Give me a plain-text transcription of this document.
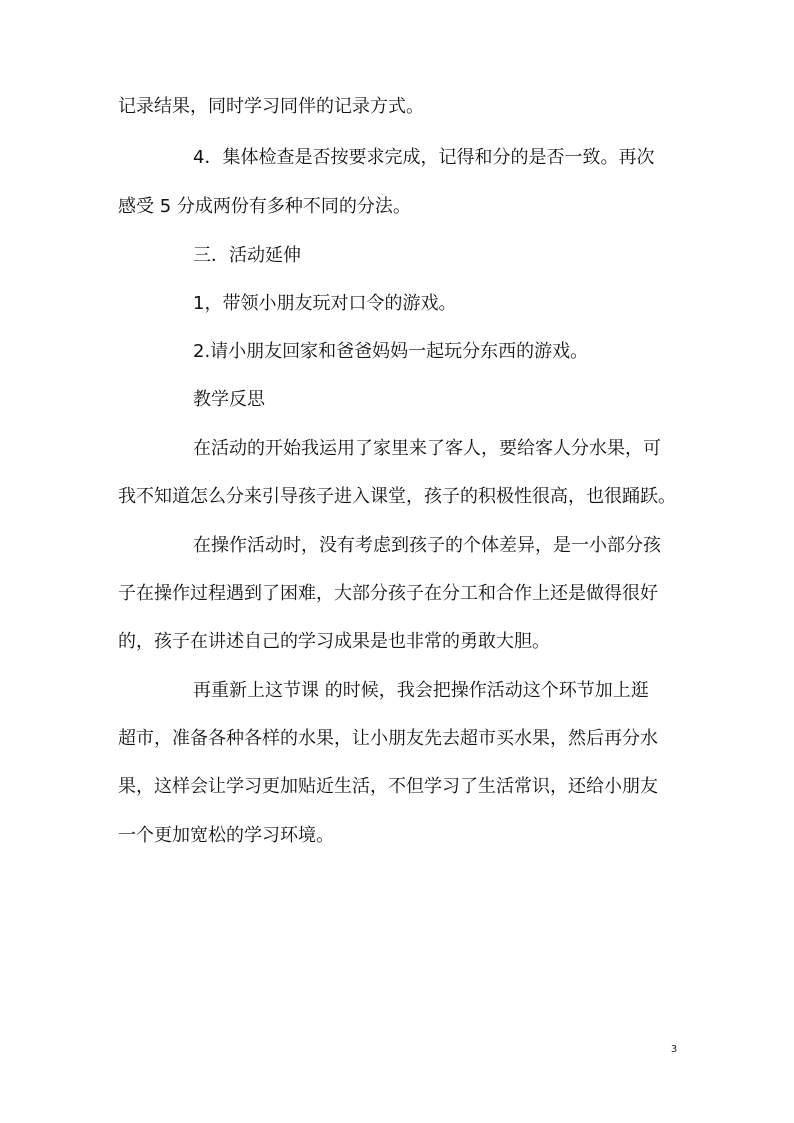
记录结果，同时学习同伴的记录方式。
4．集体检查是否按要求完成，记得和分的是否一致。再次
感受 5 分成两份有多种不同的分法。
三．活动延伸
1，带领小朋友玩对口令的游戏。
2.请小朋友回家和爸爸妈妈一起玩分东西的游戏。
教学反思
在活动的开始我运用了家里来了客人，要给客人分水果，可
我不知道怎么分来引导孩子进入课堂，孩子的积极性很高，也很踊跃。
在操作活动时，没有考虑到孩子的个体差异，是一小部分孩
子在操作过程遇到了困难，大部分孩子在分工和合作上还是做得很好
的，孩子在讲述自己的学习成果是也非常的勇敢大胆。
再重新上这节课 的时候，我会把操作活动这个环节加上逛
超市，准备各种各样的水果，让小朋友先去超市买水果，然后再分水
果，这样会让学习更加贴近生活，不但学习了生活常识，还给小朋友
一个更加宽松的学习环境。
3
